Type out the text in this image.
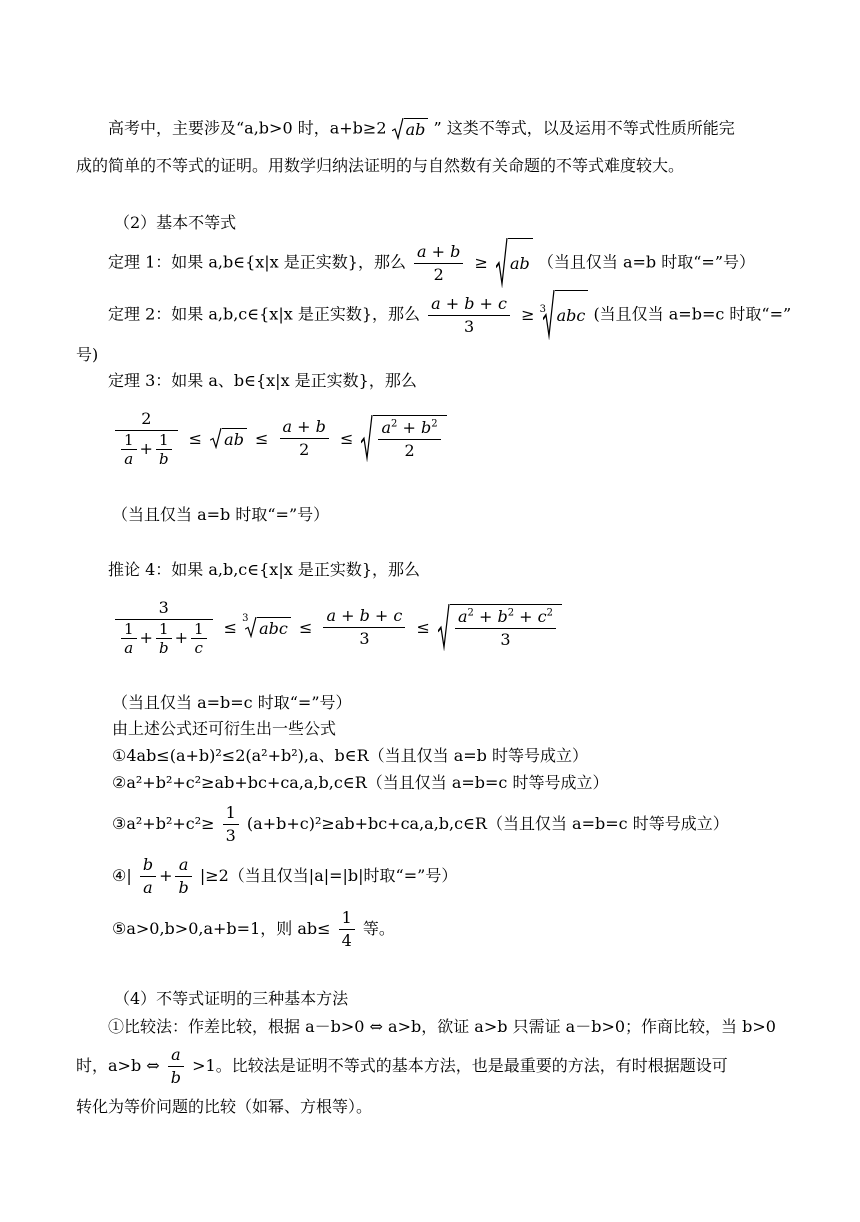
高考中，主要涉及“a,b>0 时，a+b≥2 ab ” 这类不等式，以及运用不等式性质所能完
成的简单的不等式的证明。用数学归纳法证明的与自然数有关命题的不等式难度较大。
（2）基本不等式
定理 1：如果 a,b∈{x|x 是正实数}，那么 $\frac{a + b}{2}$ ≥ ab （当且仅当 a=b 时取“=”号）
定理 2：如果 a,b,c∈{x|x 是正实数}，那么 $\frac{a + b + c}{3} \ge 3$ abc (当且仅当 a=b=c 时取“=”
号)
定理 3：如果 a、b∈{x|x 是正实数}，那么
$\frac{2}{\frac{1}{a} + \frac{1}{b}}$ ≤ ab ≤ $\frac{a + b}{2} \le \frac{a^2 + b^2}{2}$
（当且仅当 a=b 时取“=”号）
推论 4：如果 a,b,c∈{x|x 是正实数}，那么
$\frac{3}{\frac{1}{a} + \frac{1}{b} + \frac{1}{c}} \le 3$
abc ≤ $\frac{a + b + c}{3} \le \frac{a^2 + b^2 + c^2}{3}$
（当且仅当 a=b=c 时取“=”号）
由上述公式还可衍生出一些公式
①4ab≤(a+b)²≤2(a²+b²),a、b∈R（当且仅当 a=b 时等号成立）
②a²+b²+c²≥ab+bc+ca,a,b,c∈R（当且仅当 a=b=c 时等号成立）
③a²+b²+c²≥ $\frac{1}{3}$ (a+b+c)²≥ab+bc+ca,a,b,c∈R（当且仅当 a=b=c 时等号成立）
④| $\frac{b}{a} + \frac{a}{b} |\ge 2$（当且仅当|a|=|b|时取“=”号）
⑤a>0,b>0,a+b=1，则 $ab\le \frac{1}{4}$ 等。
（4）不等式证明的三种基本方法
①比较法：作差比较，根据 a－b>0 ⇔ a>b，欲证 a>b 只需证 a－b>0；作商比较，当 b>0
时，a>b ⇔ $\frac{a}{b} >1$。比较法是证明不等式的基本方法，也是最重要的方法，有时根据题设可
转化为等价问题的比较（如幂、方根等）。
